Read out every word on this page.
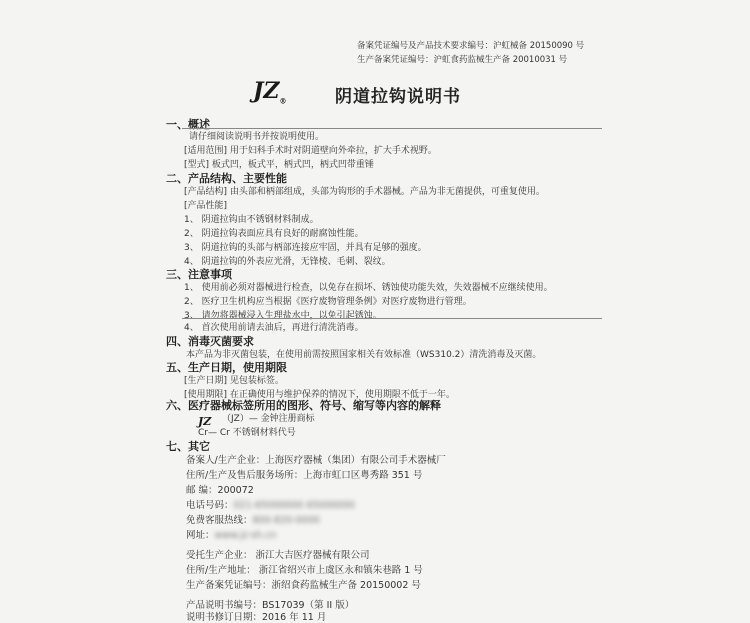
备案凭证编号及产品技术要求编号：沪虹械备 20150090 号
生产备案凭证编号：沪虹食药监械生产备 20010031 号
$JZ_®$	阴道拉钩说明书
一、概述
请仔细阅读说明书并按说明使用。
[适用范围] 用于妇科手术时对阴道壁向外牵拉，扩大手术视野。
[型式] 板式凹，板式平，柄式凹，柄式凹带重锤
二、产品结构、主要性能
[产品结构] 由头部和柄部组成，头部为钩形的手术器械。产品为非无菌提供，可重复使用。
[产品性能]
1、 阴道拉钩由不锈钢材料制成。
2、 阴道拉钩表面应具有良好的耐腐蚀性能。
3、 阴道拉钩的头部与柄部连接应牢固，并具有足够的强度。
4、 阴道拉钩的外表应光滑，无锋棱、毛刺、裂纹。
三、注意事项
1、 使用前必须对器械进行检查，以免存在损坏、锈蚀使功能失效，失效器械不应继续使用。
2、 医疗卫生机构应当根据《医疗废物管理条例》对医疗废物进行管理。
3、 请勿将器械浸入生理盐水中，以免引起锈蚀。
4、 首次使用前请去油后，再进行清洗消毒。
四、消毒灭菌要求
本产品为非灭菌包装，在使用前需按照国家相关有效标准（WS310.2）清洗消毒及灭菌。
五、生产日期，使用期限
[生产日期] 见包装标签。
[使用期限] 在正确使用与维护保养的情况下，使用期限不低于一年。
六、医疗器械标签所用的图形、符号、缩写等内容的解释
JZ （JZ）— 金钟注册商标
Cr— Cr 不锈钢材料代号
七、其它
备案人/生产企业：上海医疗器械（集团）有限公司手术器械厂
住所/生产及售后服务场所：上海市虹口区粤秀路 351 号
邮 编：200072
电话号码：021-65000000 65000000
免费客服热线：800-820-0000
网址：www.jz-sh.cn
受托生产企业： 浙江大吉医疗器械有限公司
住所/生产地址： 浙江省绍兴市上虞区永和镇朱巷路 1 号
生产备案凭证编号：浙绍食药监械生产备 20150002 号
产品说明书编号：BS17039（第 II 版）
说明书修订日期：2016 年 11 月
